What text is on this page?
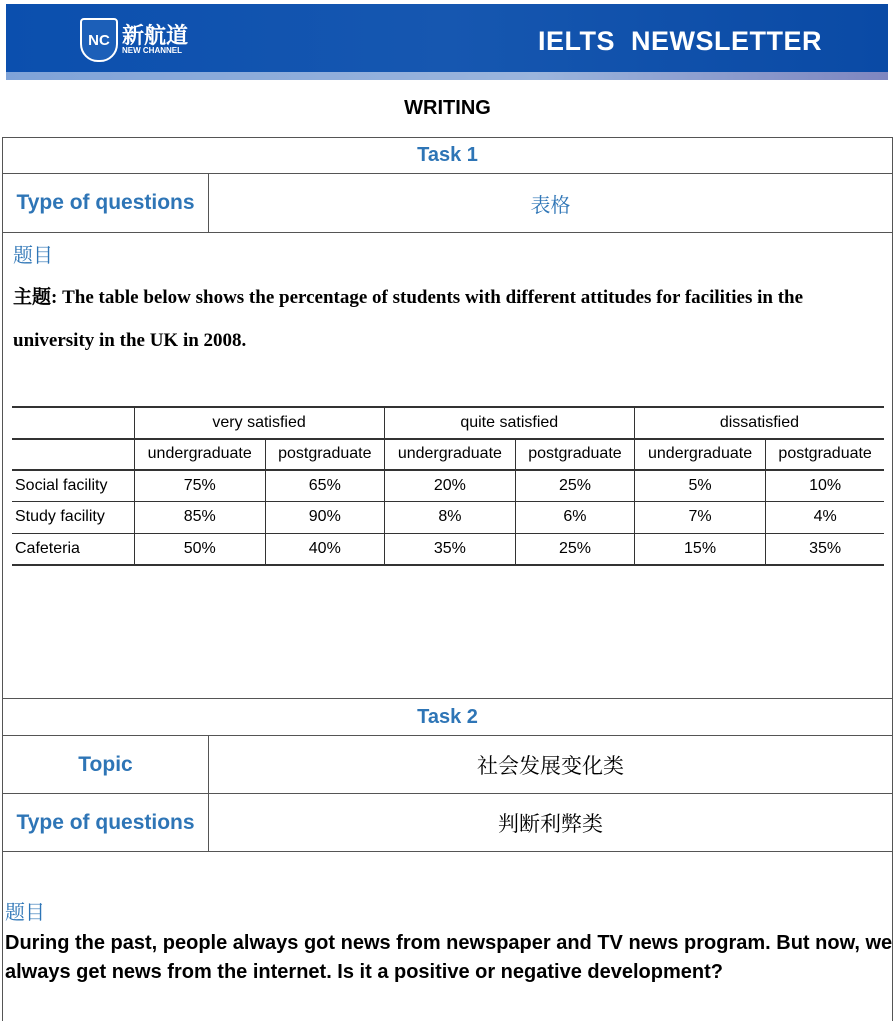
NC 新航道
NEW CHANNEL	IELTS  NEWSLETTER
WRITING
Task 1
Type of questions	表格
题目
主题: The table below shows the percentage of students with different attitudes for facilities in the university in the UK in 2008.
	very satisfied		quite satisfied		dissatisfied	
	undergraduate	postgraduate	undergraduate	postgraduate	undergraduate	postgraduate
Social facility	75%	65%	20%	25%	5%	10%
Study facility	85%	90%	8%	6%	7%	4%
Cafeteria	50%	40%	35%	25%	15%	35%
Task 2
Topic	社会发展变化类
Type of questions	判断利弊类
题目
During the past, people always got news from newspaper and TV news program. But now, we always get news from the internet. Is it a positive or negative development?
